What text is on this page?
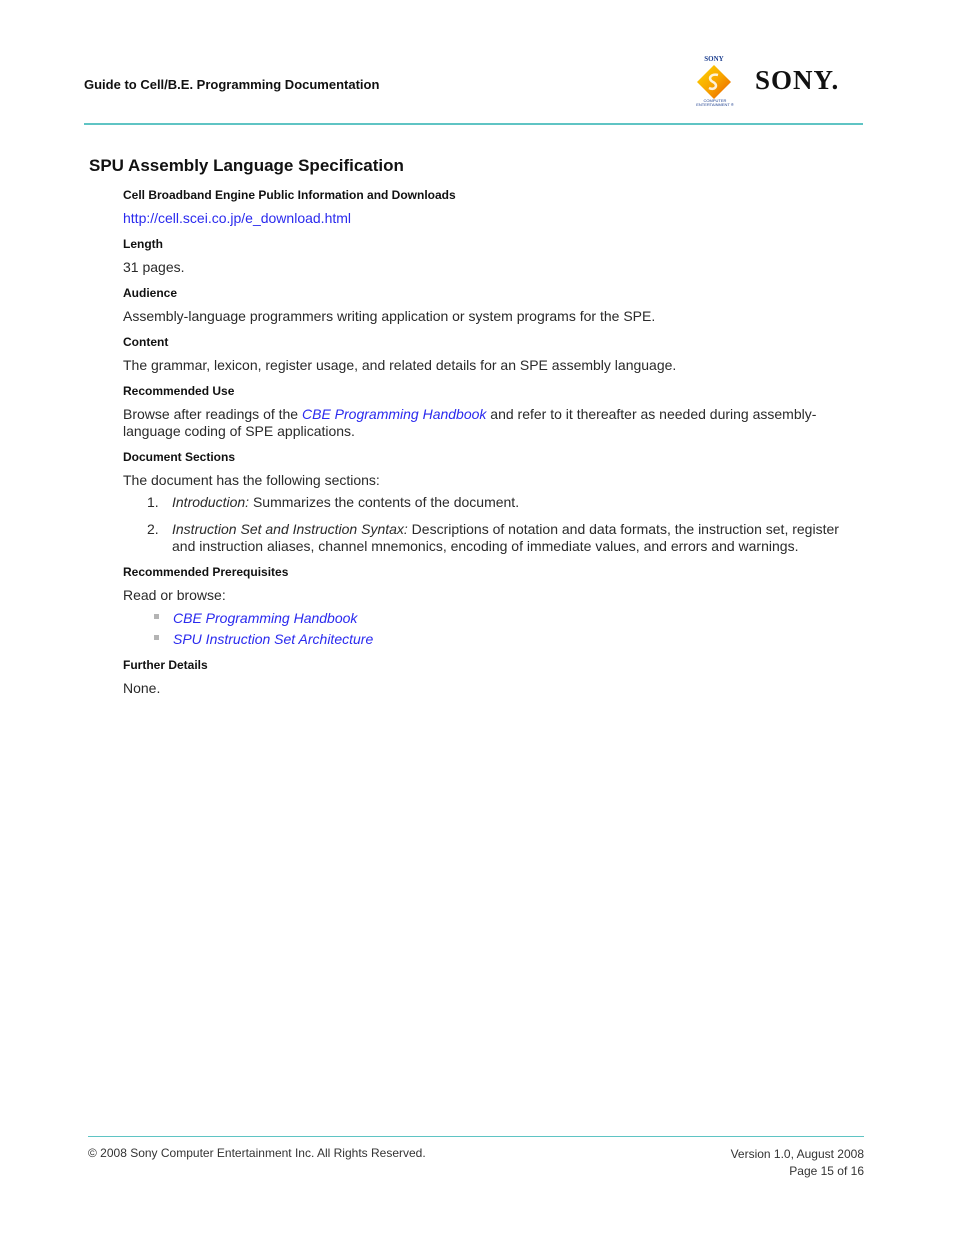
Guide to Cell/B.E. Programming Documentation
SONY
COMPUTER
ENTERTAINMENT ®
SONY.
SPU Assembly Language Specification

Cell Broadband Engine Public Information and Downloads

http://cell.scei.co.jp/e_download.html

Length

31 pages.

Audience

Assembly-language programmers writing application or system programs for the SPE.

Content

The grammar, lexicon, register usage, and related details for an SPE assembly language.

Recommended Use

Browse after readings of the CBE Programming Handbook and refer to it thereafter as needed during assembly-language coding of SPE applications.

Document Sections

The document has the following sections:

1. Introduction: Summarizes the contents of the document.
2. Instruction Set and Instruction Syntax: Descriptions of notation and data formats, the instruction set, register and instruction aliases, channel mnemonics, encoding of immediate values, and errors and warnings.

Recommended Prerequisites

Read or browse:

CBE Programming Handbook
SPU Instruction Set Architecture

Further Details

None.

© 2008 Sony Computer Entertainment Inc. All Rights Reserved.	Version 1.0, August 2008
Page 15 of 16
